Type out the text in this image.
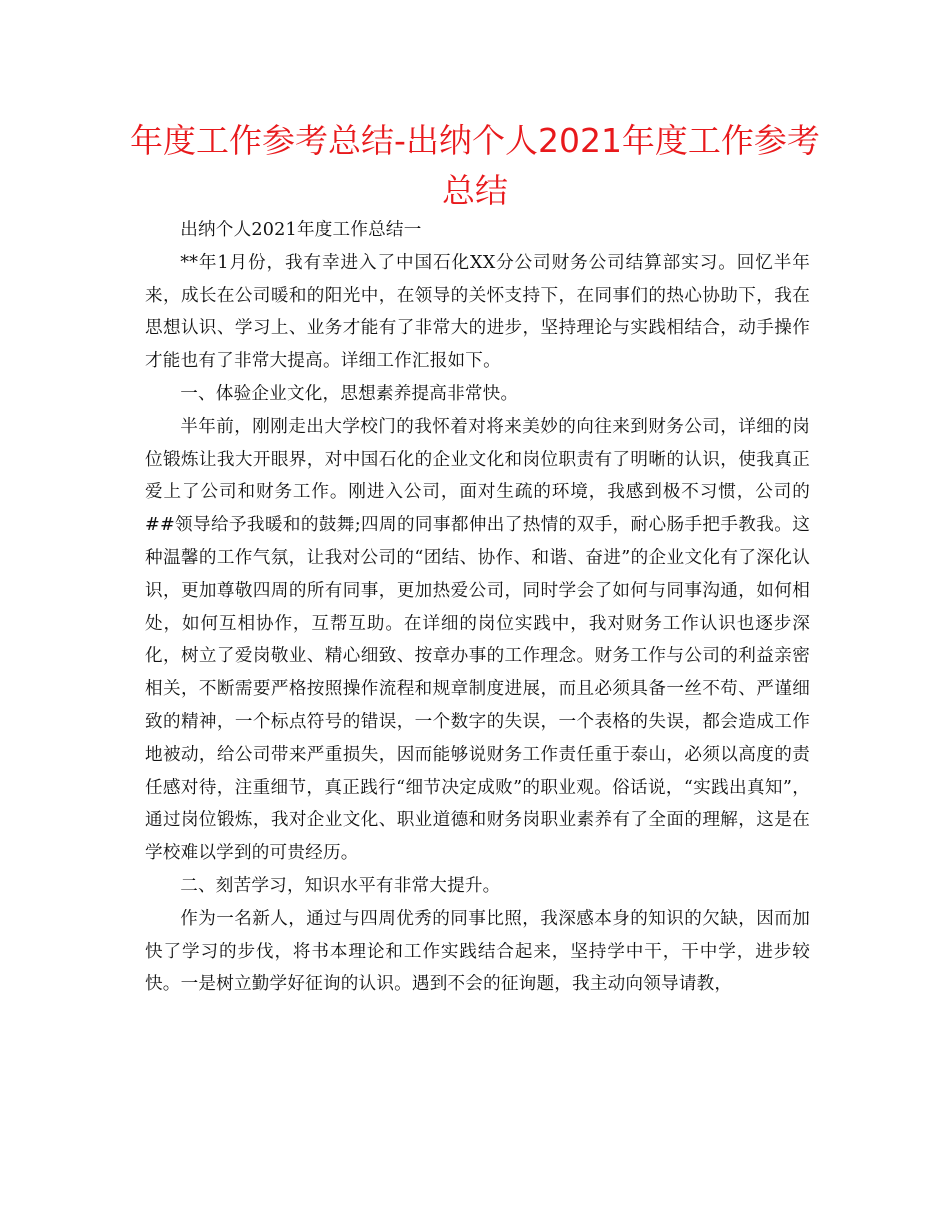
年度工作参考总结-出纳个人2021年度工作参考总结

出纳个人2021年度工作总结一

**年1月份，我有幸进入了中国石化XX分公司财务公司结算部实习。回忆半年来，成长在公司暖和的阳光中，在领导的关怀支持下，在同事们的热心协助下，我在思想认识、学习上、业务才能有了非常大的进步，坚持理论与实践相结合，动手操作才能也有了非常大提高。详细工作汇报如下。

一、体验企业文化，思想素养提高非常快。

半年前，刚刚走出大学校门的我怀着对将来美妙的向往来到财务公司，详细的岗位锻炼让我大开眼界，对中国石化的企业文化和岗位职责有了明晰的认识，使我真正爱上了公司和财务工作。刚进入公司，面对生疏的环境，我感到极不习惯，公司的##领导给予我暖和的鼓舞;四周的同事都伸出了热情的双手，耐心肠手把手教我。这种温馨的工作气氛，让我对公司的“团结、协作、和谐、奋进”的企业文化有了深化认识，更加尊敬四周的所有同事，更加热爱公司，同时学会了如何与同事沟通，如何相处，如何互相协作，互帮互助。在详细的岗位实践中，我对财务工作认识也逐步深化，树立了爱岗敬业、精心细致、按章办事的工作理念。财务工作与公司的利益亲密相关，不断需要严格按照操作流程和规章制度进展，而且必须具备一丝不苟、严谨细致的精神，一个标点符号的错误，一个数字的失误，一个表格的失误，都会造成工作地被动，给公司带来严重损失，因而能够说财务工作责任重于泰山，必须以高度的责任感对待，注重细节，真正践行“细节决定成败”的职业观。俗话说，“实践出真知”，通过岗位锻炼，我对企业文化、职业道德和财务岗职业素养有了全面的理解，这是在学校难以学到的可贵经历。

二、刻苦学习，知识水平有非常大提升。

作为一名新人，通过与四周优秀的同事比照，我深感本身的知识的欠缺，因而加快了学习的步伐，将书本理论和工作实践结合起来，坚持学中干，干中学，进步较快。一是树立勤学好征询的认识。遇到不会的征询题，我主动向领导请教，
